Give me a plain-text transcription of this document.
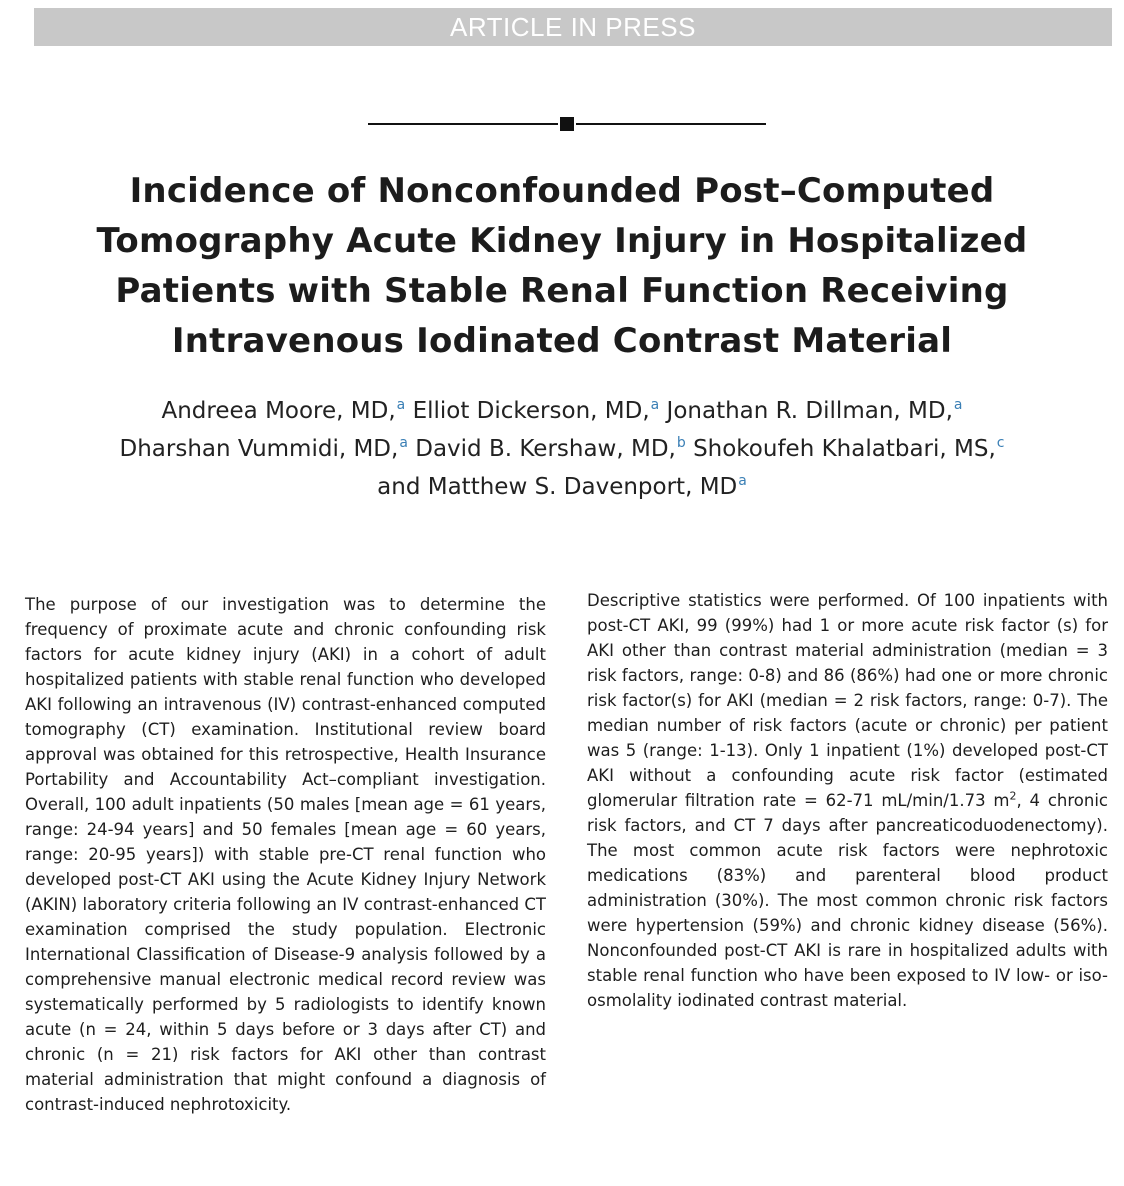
ARTICLE IN PRESS
Incidence of Nonconfounded Post–Computed Tomography Acute Kidney Injury in Hospitalized Patients with Stable Renal Function Receiving Intravenous Iodinated Contrast Material
Andreea Moore, MD,$^a$ Elliot Dickerson, MD,$^a$ Jonathan R. Dillman, MD,$^a$
Dharshan Vummidi, MD,$^a$ David B. Kershaw, MD,$^b$ Shokoufeh Khalatbari, MS,$^c$
and Matthew S. Davenport, MD$^a$

The purpose of our investigation was to determine the frequency of proximate acute and chronic confounding risk factors for acute kidney injury (AKI) in a cohort of adult hospitalized patients with stable renal function who developed AKI following an intravenous (IV) contrast-enhanced computed tomography (CT) examination. Institutional review board approval was obtained for this retrospective, Health Insurance Portability and Accountability Act–compliant investigation. Overall, 100 adult inpatients (50 males [mean age = 61 years, range: 24-94 years] and 50 females [mean age = 60 years, range: 20-95 years]) with stable pre-CT renal function who developed post-CT AKI using the Acute Kidney Injury Network (AKIN) laboratory criteria following an IV contrast-enhanced CT examination comprised the study population. Electronic International Classification of Disease-9 analysis followed by a comprehensive manual electronic medical record review was systematically performed by 5 radiologists to identify known acute (n = 24, within 5 days before or 3 days after CT) and chronic (n = 21) risk factors for AKI other than contrast material administration that might confound a diagnosis of contrast-induced nephrotoxicity.

Descriptive statistics were performed. Of 100 inpatients with post-CT AKI, 99 (99%) had 1 or more acute risk factor (s) for AKI other than contrast material administration (median = 3 risk factors, range: 0-8) and 86 (86%) had one or more chronic risk factor(s) for AKI (median = 2 risk factors, range: 0-7). The median number of risk factors (acute or chronic) per patient was 5 (range: 1-13). Only 1 inpatient (1%) developed post-CT AKI without a confounding acute risk factor (estimated glomerular filtration rate = 62-71 mL/min/1.73 $m^2$, 4 chronic risk factors, and CT 7 days after pancreaticoduodenectomy). The most common acute risk factors were nephrotoxic medications (83%) and parenteral blood product administration (30%). The most common chronic risk factors were hypertension (59%) and chronic kidney disease (56%). Nonconfounded post-CT AKI is rare in hospitalized adults with stable renal function who have been exposed to IV low- or iso-osmolality iodinated contrast material.
